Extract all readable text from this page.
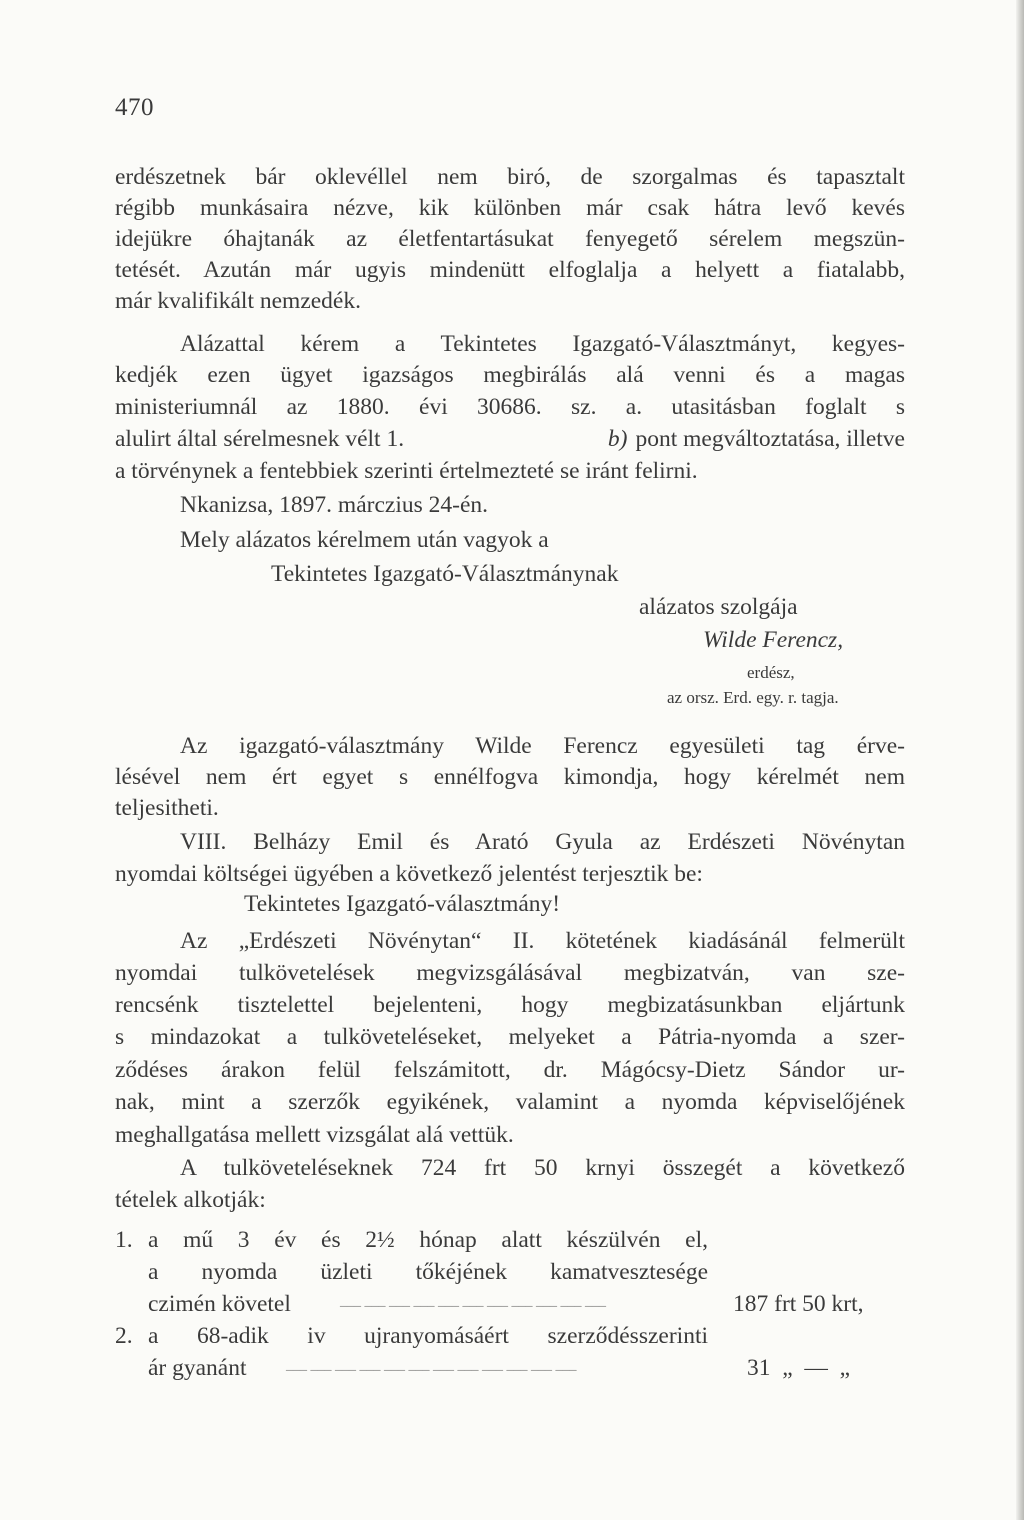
470
erdészetnek bár oklevéllel nem biró, de szorgalmas és tapasztalt
régibb munkásaira nézve, kik különben már csak hátra levő kevés
idejükre óhajtanák az életfentartásukat fenyegető sérelem megszün-
tetését. Azután már ugyis mindenütt elfoglalja a helyett a fiatalabb,
már kvalifikált nemzedék.
Alázattal kérem a Tekintetes Igazgató-Választmányt, kegyes-
kedjék ezen ügyet igazságos megbirálás alá venni és a magas
ministeriumnál az 1880. évi 30686. sz. a. utasitásban foglalt s
alulirt által sérelmesnek vélt 1.	b) pont megváltoztatása, illetve
a törvénynek a fentebbiek szerinti értelmezteté se iránt felirni.
Nkanizsa, 1897. márczius 24-én.
Mely alázatos kérelmem után vagyok a
Tekintetes Igazgató-Választmánynak
alázatos szolgája
Wilde Ferencz,
erdész,
az orsz. Erd. egy. r. tagja.
Az igazgató-választmány Wilde Ferencz egyesületi tag érve-
lésével nem ért egyet s ennélfogva kimondja, hogy kérelmét nem
teljesitheti.
VIII. Belházy Emil és Arató Gyula az Erdészeti Növénytan
nyomdai költségei ügyében a következő jelentést terjesztik be:
Tekintetes Igazgató-választmány!
Az „Erdészeti Növénytan“ II. kötetének kiadásánál felmerült
nyomdai tulkövetelések megvizsgálásával megbizatván, van sze-
rencsénk tisztelettel bejelenteni, hogy megbizatásunkban eljártunk
s mindazokat a tulköveteléseket, melyeket a Pátria-nyomda a szer-
ződéses árakon felül felszámitott, dr. Mágócsy-Dietz Sándor ur-
nak, mint a szerzők egyikének, valamint a nyomda képviselőjének
meghallgatása mellett vizsgálat alá vettük.
A tulköveteléseknek 724 frt 50 krnyi összegét a következő
tételek alkotják:
1. a mű 3 év és 2½ hónap alatt készülvén el,
a nyomda üzleti tőkéjének kamatvesztesége
czimén követel	___ ___ ___ ___ ___ ___ ___ ___ ___ ___ ___	187 frt 50 krt,
2. a 68-adik iv ujranyomásáért szerződésszerinti
ár gyanánt	___ ___ ___ ___ ___ ___ ___ ___ ___ ___ ___ ___	31  „  —  „
